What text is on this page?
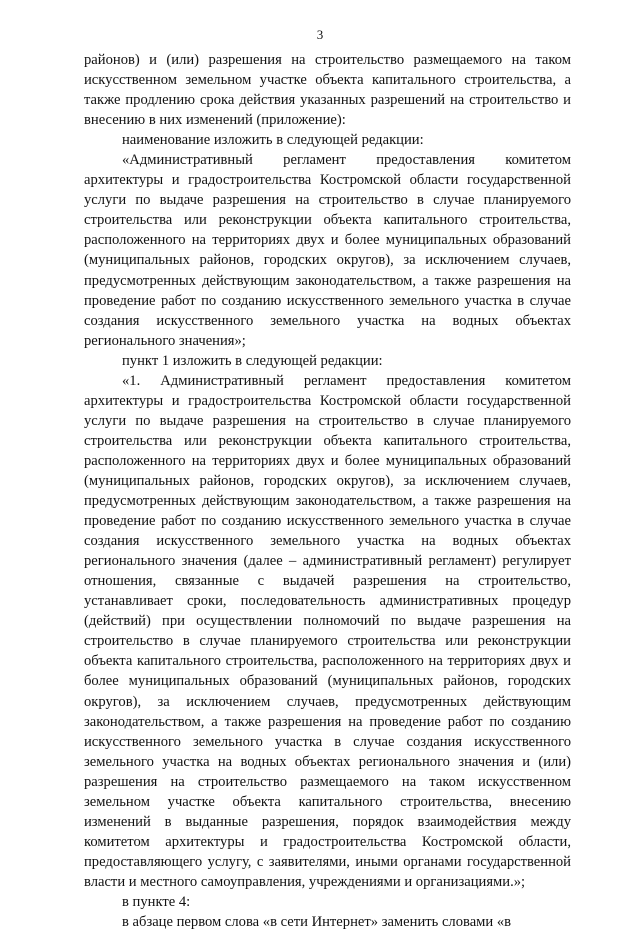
3

районов) и (или) разрешения на строительство размещаемого на таком искусственном земельном участке объекта капитального строительства, а также продлению срока действия указанных разрешений на строительство и внесению в них изменений (приложение):

наименование изложить в следующей редакции:

«Административный регламент предоставления комитетом архитектуры и градостроительства Костромской области государственной услуги по выдаче разрешения на строительство в случае планируемого строительства или реконструкции объекта капитального строительства, расположенного на территориях двух и более муниципальных образований (муниципальных районов, городских округов), за исключением случаев, предусмотренных действующим законодательством, а также разрешения на проведение работ по созданию искусственного земельного участка в случае создания искусственного земельного участка на водных объектах регионального значения»;

пункт 1 изложить в следующей редакции:

«1. Административный регламент предоставления комитетом архитектуры и градостроительства Костромской области государственной услуги по выдаче разрешения на строительство в случае планируемого строительства или реконструкции объекта капитального строительства, расположенного на территориях двух и более муниципальных образований (муниципальных районов, городских округов), за исключением случаев, предусмотренных действующим законодательством, а также разрешения на проведение работ по созданию искусственного земельного участка в случае создания искусственного земельного участка на водных объектах регионального значения (далее – административный регламент) регулирует отношения, связанные с выдачей разрешения на строительство, устанавливает сроки, последовательность административных процедур (действий) при осуществлении полномочий по выдаче разрешения на строительство в случае планируемого строительства или реконструкции объекта капитального строительства, расположенного на территориях двух и более муниципальных образований (муниципальных районов, городских округов), за исключением случаев, предусмотренных действующим законодательством, а также разрешения на проведение работ по созданию искусственного земельного участка в случае создания искусственного земельного участка на водных объектах регионального значения и (или) разрешения на строительство размещаемого на таком искусственном земельном участке объекта капитального строительства, внесению изменений в выданные разрешения, порядок взаимодействия между комитетом архитектуры и градостроительства Костромской области, предоставляющего услугу, с заявителями, иными органами государственной власти и местного самоуправления, учреждениями и организациями.»;

в пункте 4:

в абзаце первом слова «в сети Интернет» заменить словами «в
